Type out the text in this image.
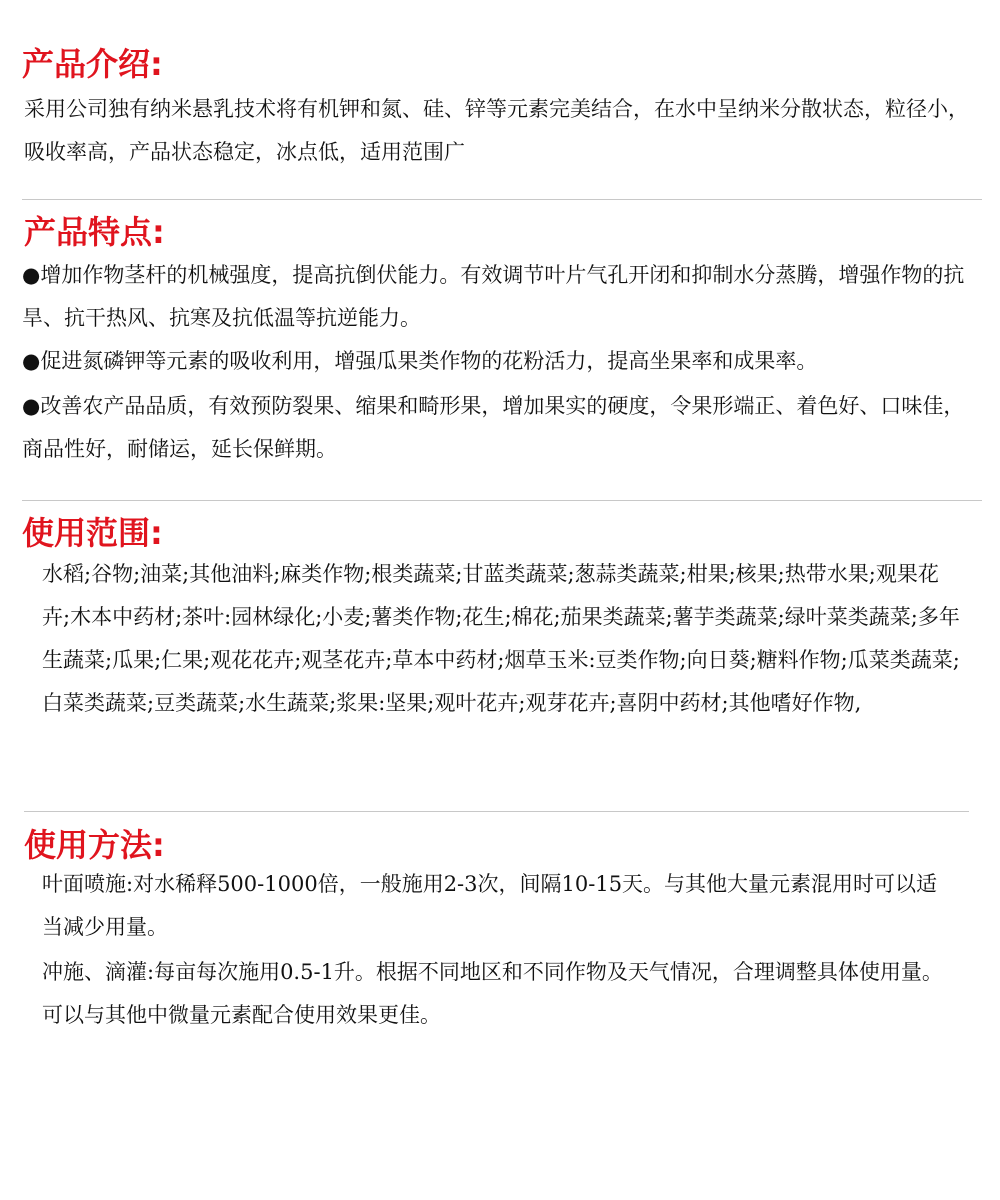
产品介绍:

采用公司独有纳米悬乳技术将有机钾和氮、硅、锌等元素完美结合，在水中呈纳米分散状态，粒径小，吸收率高，产品状态稳定，冰点低，适用范围广

产品特点:

●增加作物茎杆的机械强度，提高抗倒伏能力。有效调节叶片气孔开闭和抑制水分蒸腾，增强作物的抗旱、抗干热风、抗寒及抗低温等抗逆能力。

●促进氮磷钾等元素的吸收利用，增强瓜果类作物的花粉活力，提高坐果率和成果率。

●改善农产品品质，有效预防裂果、缩果和畸形果，增加果实的硬度，令果形端正、着色好、口味佳，商品性好，耐储运，延长保鲜期。

使用范围:

水稻;谷物;油菜;其他油料;麻类作物;根类蔬菜;甘蓝类蔬菜;葱蒜类蔬菜;柑果;核果;热带水果;观果花卉;木本中药材;茶叶:园林绿化;小麦;薯类作物;花生;棉花;茄果类蔬菜;薯芋类蔬菜;绿叶菜类蔬菜;多年生蔬菜;瓜果;仁果;观花花卉;观茎花卉;草本中药材;烟草玉米:豆类作物;向日葵;糖料作物;瓜菜类蔬菜;白菜类蔬菜;豆类蔬菜;水生蔬菜;浆果:坚果;观叶花卉;观芽花卉;喜阴中药材;其他嗜好作物,

使用方法:

叶面喷施:对水稀释500-1000倍，一般施用2-3次，间隔10-15天。与其他大量元素混用时可以适当减少用量。

冲施、滴灌:每亩每次施用0.5-1升。根据不同地区和不同作物及天气情况，合理调整具体使用量。可以与其他中微量元素配合使用效果更佳。
